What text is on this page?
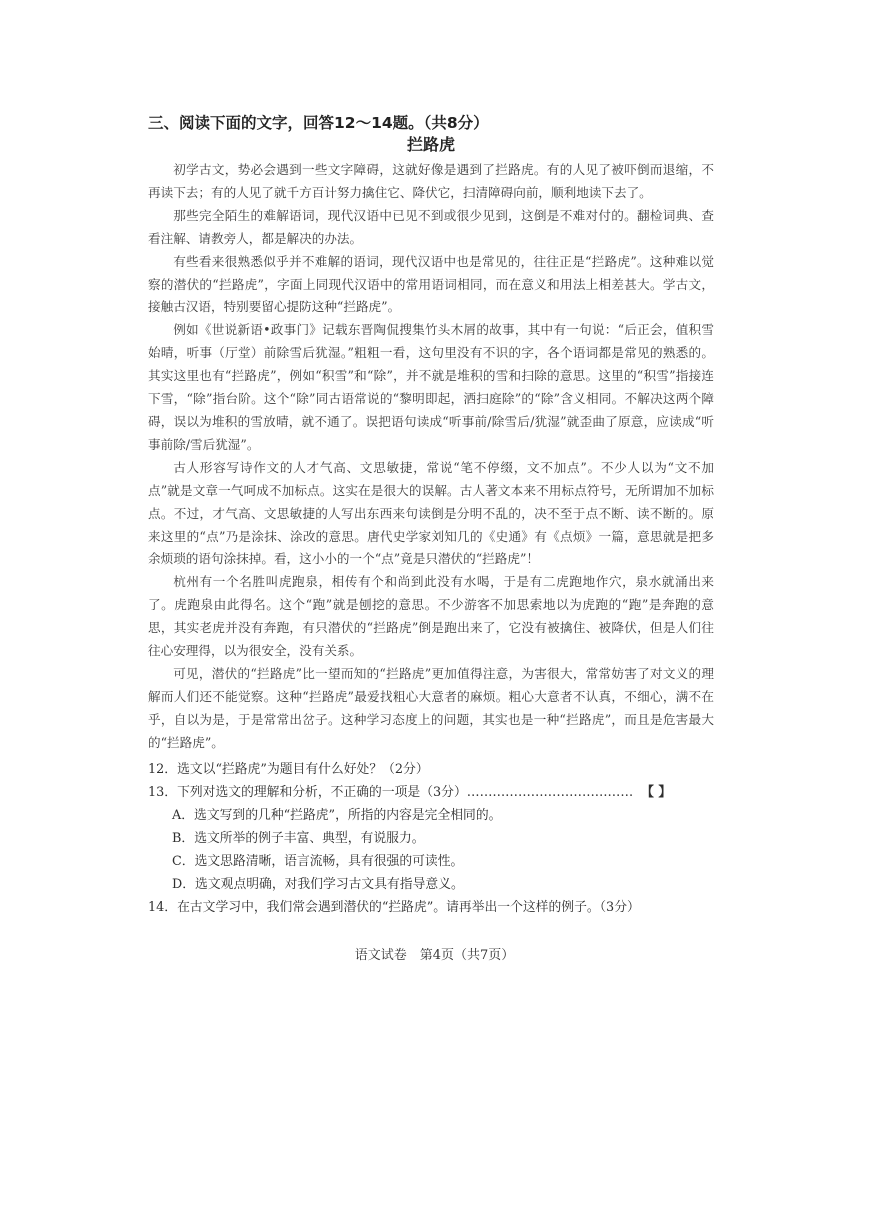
三、阅读下面的文字，回答12～14题。（共8分）

拦路虎

初学古文，势必会遇到一些文字障碍，这就好像是遇到了拦路虎。有的人见了被吓倒而退缩，不再读下去；有的人见了就千方百计努力擒住它、降伏它，扫清障碍向前，顺利地读下去了。

那些完全陌生的难解语词，现代汉语中已见不到或很少见到，这倒是不难对付的。翻检词典、查看注解、请教旁人，都是解决的办法。

有些看来很熟悉似乎并不难解的语词，现代汉语中也是常见的，往往正是“拦路虎”。这种难以觉察的潜伏的“拦路虎”，字面上同现代汉语中的常用语词相同，而在意义和用法上相差甚大。学古文，接触古汉语，特别要留心提防这种“拦路虎”。

例如《世说新语•政事门》记载东晋陶侃搜集竹头木屑的故事，其中有一句说：“后正会，值积雪始晴，听事（厅堂）前除雪后犹湿。”粗粗一看，这句里没有不识的字，各个语词都是常见的熟悉的。其实这里也有“拦路虎”，例如“积雪”和“除”，并不就是堆积的雪和扫除的意思。这里的“积雪”指接连下雪，“除”指台阶。这个“除”同古语常说的“黎明即起，洒扫庭除”的“除”含义相同。不解决这两个障碍，误以为堆积的雪放晴，就不通了。误把语句读成“听事前/除雪后/犹湿”就歪曲了原意，应读成“听事前除/雪后犹湿”。

古人形容写诗作文的人才气高、文思敏捷，常说“笔不停缀，文不加点”。不少人以为“文不加点”就是文章一气呵成不加标点。这实在是很大的误解。古人著文本来不用标点符号，无所谓加不加标点。不过，才气高、文思敏捷的人写出东西来句读倒是分明不乱的，决不至于点不断、读不断的。原来这里的“点”乃是涂抹、涂改的意思。唐代史学家刘知几的《史通》有《点烦》一篇，意思就是把多余烦琐的语句涂抹掉。看，这小小的一个“点”竟是只潜伏的“拦路虎”！

杭州有一个名胜叫虎跑泉，相传有个和尚到此没有水喝，于是有二虎跑地作穴，泉水就涌出来了。虎跑泉由此得名。这个“跑”就是刨挖的意思。不少游客不加思索地以为虎跑的“跑”是奔跑的意思，其实老虎并没有奔跑，有只潜伏的“拦路虎”倒是跑出来了，它没有被擒住、被降伏，但是人们往往心安理得，以为很安全，没有关系。

可见，潜伏的“拦路虎”比一望而知的“拦路虎”更加值得注意，为害很大，常常妨害了对文义的理解而人们还不能觉察。这种“拦路虎”最爱找粗心大意者的麻烦。粗心大意者不认真，不细心，满不在乎，自以为是，于是常常出岔子。这种学习态度上的问题，其实也是一种“拦路虎”，而且是危害最大的“拦路虎”。

12．选文以“拦路虎”为题目有什么好处？（2分）

13．下列对选文的理解和分析，不正确的一项是（3分）………………………………… 【 】

A．选文写到的几种“拦路虎”，所指的内容是完全相同的。

B．选文所举的例子丰富、典型，有说服力。

C．选文思路清晰，语言流畅，具有很强的可读性。

D．选文观点明确，对我们学习古文具有指导意义。

14．在古文学习中，我们常会遇到潜伏的“拦路虎”。请再举出一个这样的例子。（3分）

语文试卷　第4页（共7页）
